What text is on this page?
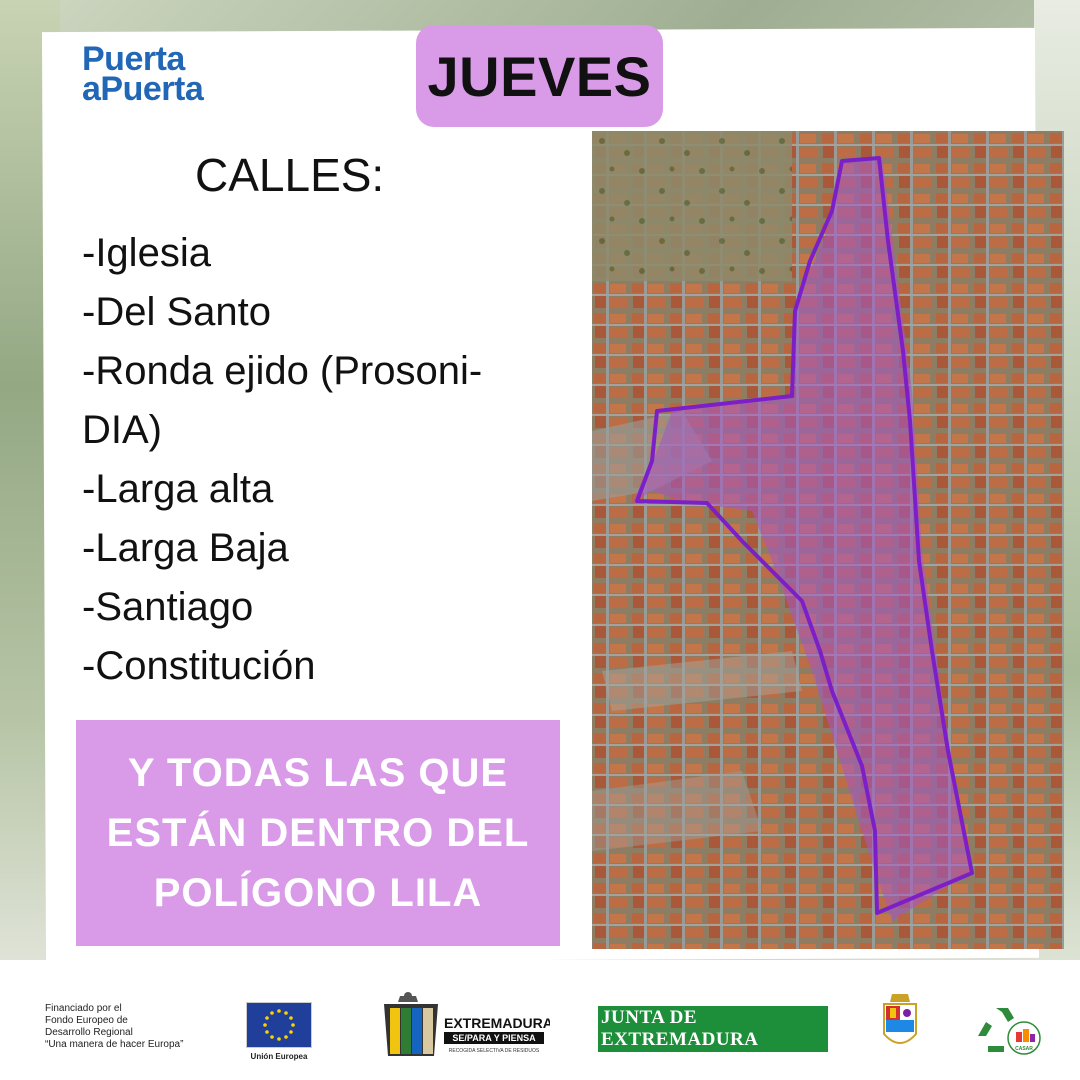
Puerta
aPuerta	JUEVES
CALLES:
-Iglesia
-Del Santo
-Ronda ejido (Prosoni-
DIA)
-Larga alta
-Larga Baja
-Santiago
-Constitución
Y TODAS LAS QUE
ESTÁN DENTRO DEL
POLÍGONO LILA
Financiado por el
Fondo Europeo de
Desarrollo Regional
“Una manera de hacer Europa”
Unión Europea
EXTREMADURA
SE/PARA Y PIENSA
RECOGIDA SELECTIVA DE RESIDUOS
JUNTA DE EXTREMADURA	CASAR
